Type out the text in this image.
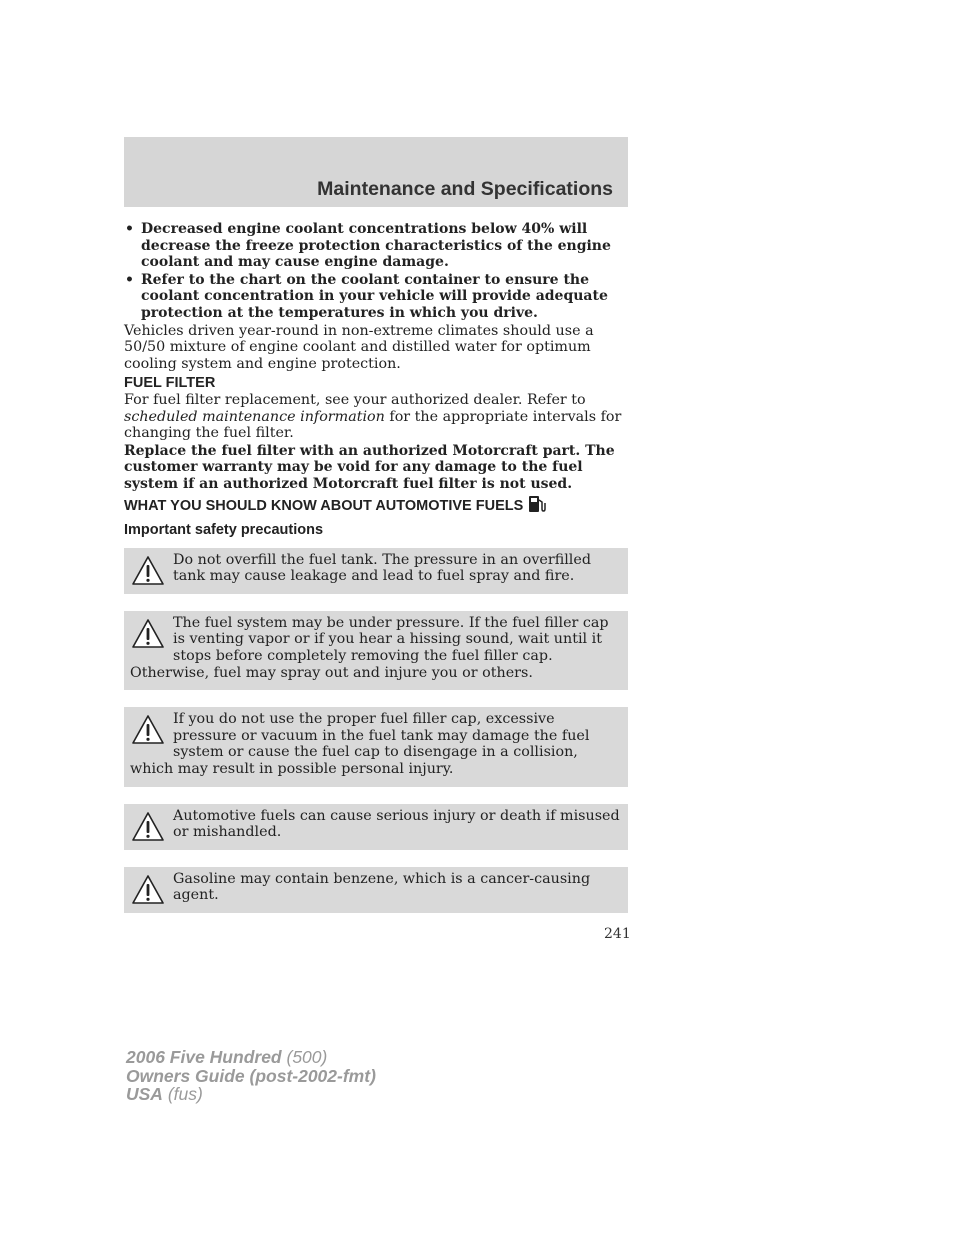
Maintenance and Specifications
• Decreased engine coolant concentrations below 40% will decrease the freeze protection characteristics of the engine coolant and may cause engine damage.
• Refer to the chart on the coolant container to ensure the coolant concentration in your vehicle will provide adequate protection at the temperatures in which you drive.

Vehicles driven year-round in non-extreme climates should use a 50/50 mixture of engine coolant and distilled water for optimum cooling system and engine protection.

FUEL FILTER

For fuel filter replacement, see your authorized dealer. Refer to scheduled maintenance information for the appropriate intervals for changing the fuel filter.

Replace the fuel filter with an authorized Motorcraft part. The customer warranty may be void for any damage to the fuel system if an authorized Motorcraft fuel filter is not used.

WHAT YOU SHOULD KNOW ABOUT AUTOMOTIVE FUELS
Important safety precautions
Do not overfill the fuel tank. The pressure in an overfilled tank may cause leakage and lead to fuel spray and fire.
The fuel system may be under pressure. If the fuel filler cap is venting vapor or if you hear a hissing sound, wait until it stops before completely removing the fuel filler cap. Otherwise, fuel may spray out and injure you or others.
If you do not use the proper fuel filler cap, excessive pressure or vacuum in the fuel tank may damage the fuel system or cause the fuel cap to disengage in a collision, which may result in possible personal injury.
Automotive fuels can cause serious injury or death if misused or mishandled.
Gasoline may contain benzene, which is a cancer-causing agent.
241
2006 Five Hundred (500)
Owners Guide (post-2002-fmt)
USA (fus)
